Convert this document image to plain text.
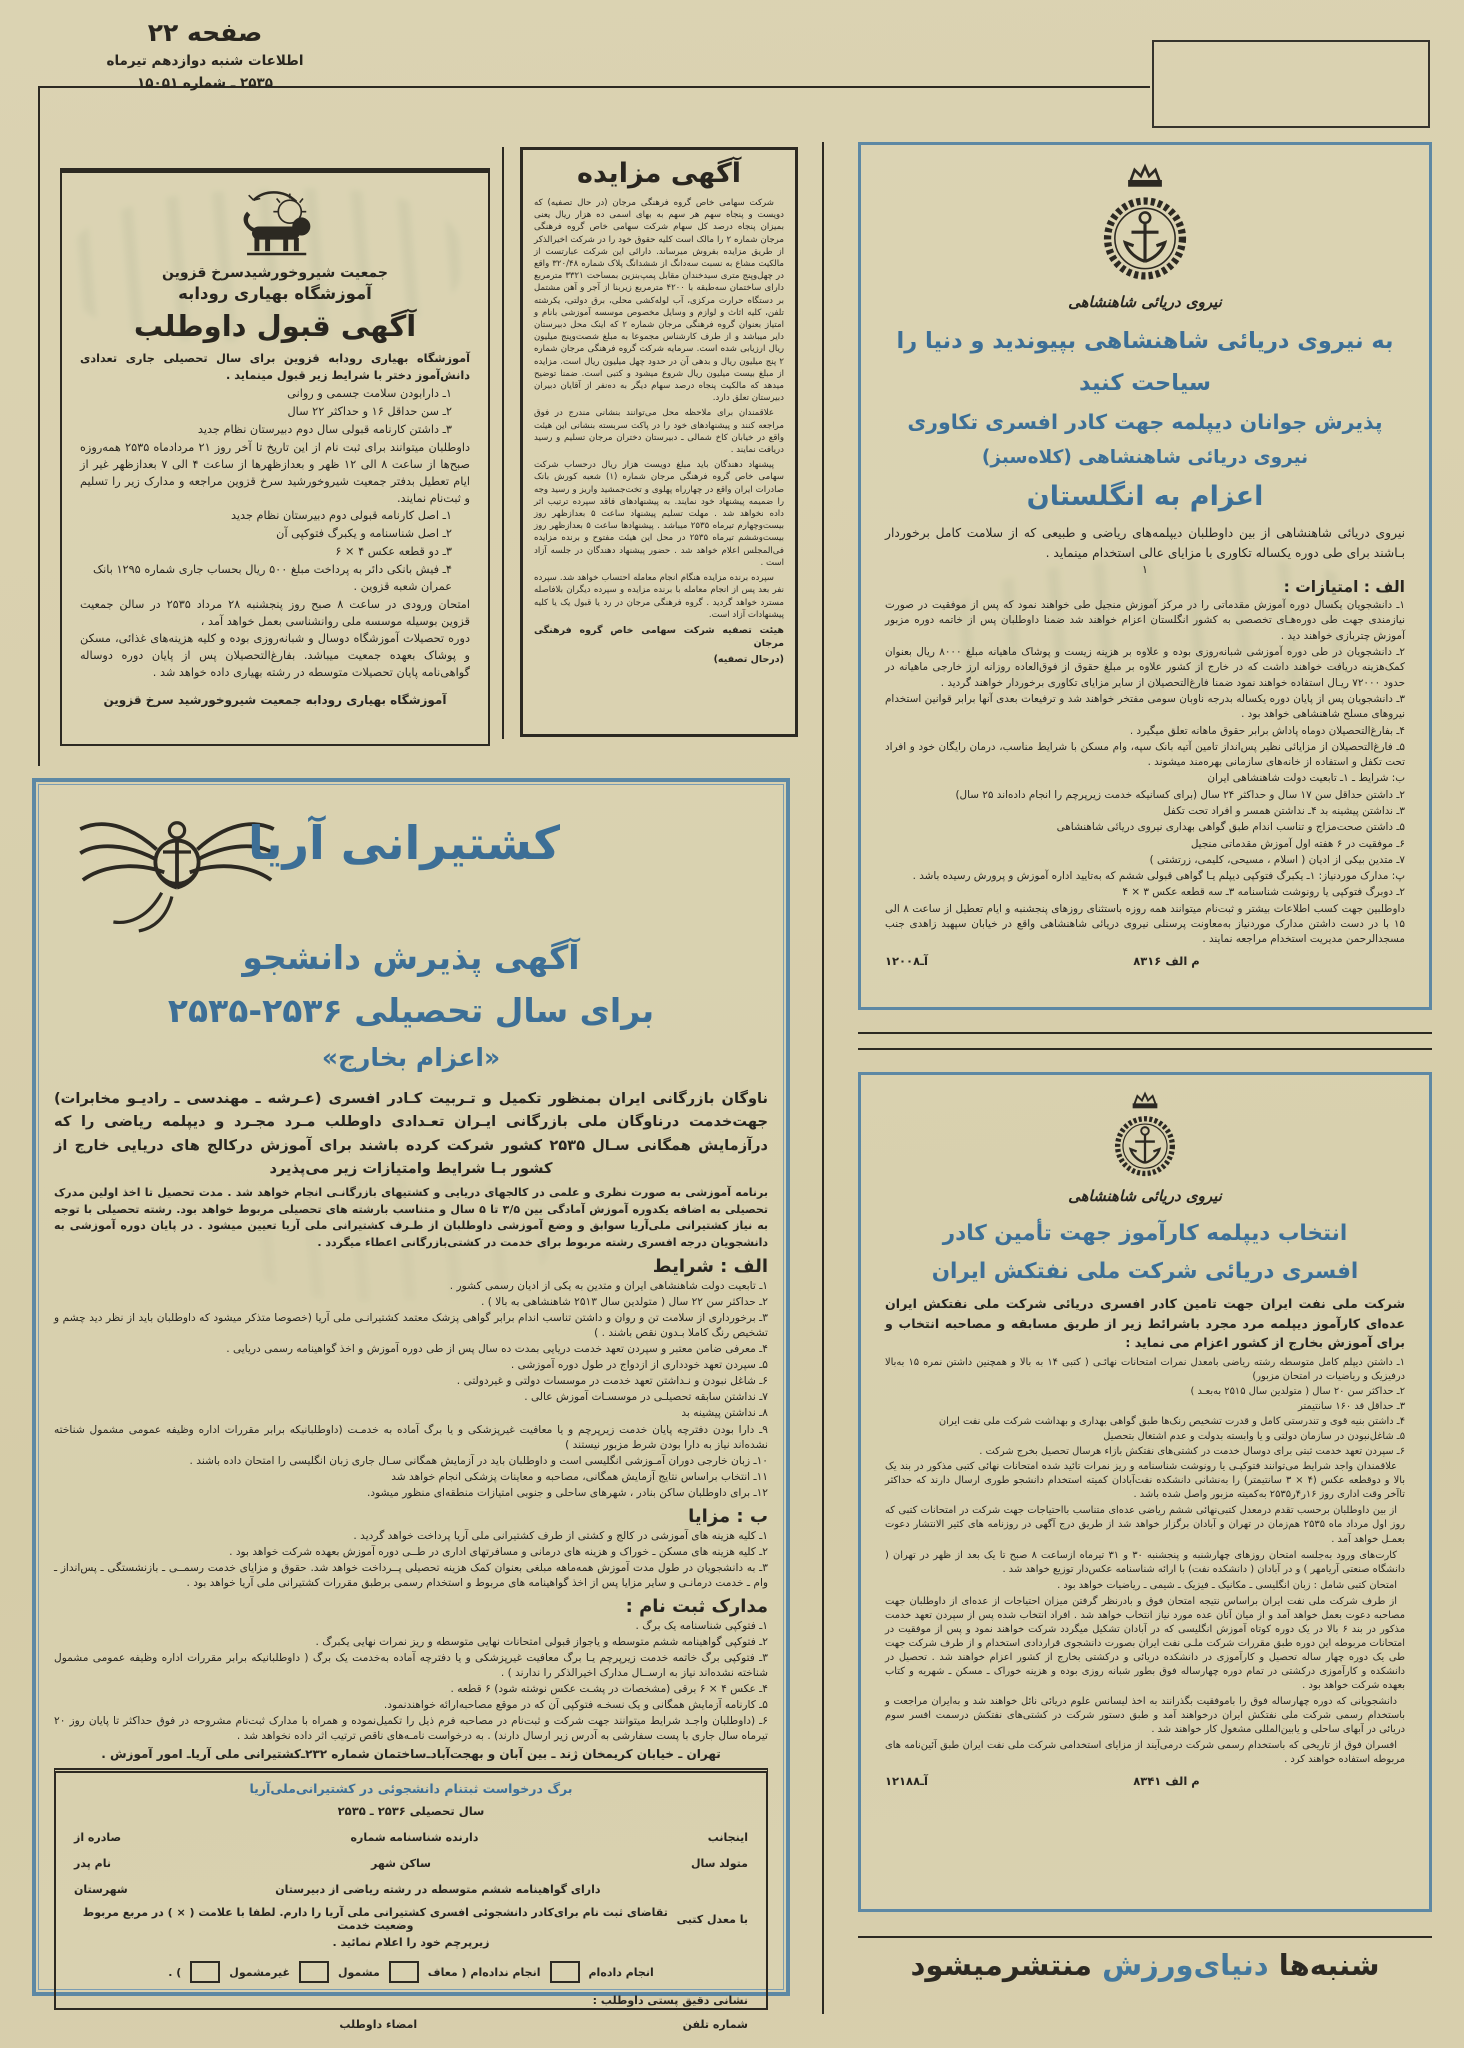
صفحه ۲۲
اطلاعات شنبه دوازدهم تیرماه
۲۵۳۵ ـ شماره ۱۵۰۵۱
جمعیت شیروخورشیدسرخ قزوین
آموزشگاه بهیاری رودابه
آگهی قبول داوطلب
آموزشگاه بهیاری رودابه قزوین برای سال تحصیلی جاری تعدادی دانش‌آموز دختر با شرایط زیر قبول مینماید .
۱ـ دارابودن سلامت جسمی و روانی
۲ـ سن حداقل ۱۶ و حداکثر ۲۲ سال
۳ـ داشتن کارنامه قبولی سال دوم دبیرستان نظام جدید
داوطلبان میتوانند برای ثبت نام از این تاریخ تا آخر روز ۲۱ مردادماه ۲۵۳۵ همه‌روزه صبح‌ها از ساعت ۸ الی ۱۲ ظهر و بعدازظهرها از ساعت ۴ الی ۷ بعدازظهر غیر از ایام تعطیل بدفتر جمعیت شیروخورشید سرخ قزوین مراجعه و مدارک زیر را تسلیم و ثبت‌نام نمایند.
۱ـ اصل کارنامه قبولی دوم دبیرستان نظام جدید
۲ـ اصل شناسنامه و یکبرگ فتوکپی آن
۳ـ دو قطعه عکس ۴ × ۶
۴ـ فیش بانکی دائر به پرداخت مبلغ ۵۰۰ ریال بحساب جاری شماره ۱۲۹۵ بانک عمران شعبه قزوین .
امتحان ورودی در ساعت ۸ صبح روز پنجشنبه ۲۸ مرداد ۲۵۳۵ در سالن جمعیت قزوین بوسیله موسسه ملی روانشناسی بعمل خواهد آمد ،
دوره تحصیلات آموزشگاه دوسال و شبانه‌روزی بوده و کلیه هزینه‌های غذائی، مسکن و پوشاک بعهده جمعیت میباشد. بفارغ‌التحصیلان پس از پایان دوره دوساله گواهی‌نامه پایان تحصیلات متوسطه در رشته بهیاری داده خواهد شد .
آموزشگاه بهیاری رودابه جمعیت شیروخورشید سرخ قزوین
آگهی مزایده
شرکت سهامی خاص گروه فرهنگی مرجان (در حال تصفیه) که دویست و پنجاه سهم هر سهم به بهای اسمی ده هزار ریال یعنی بمیزان پنجاه درصد کل سهام شرکت سهامی خاص گروه فرهنگی مرجان شماره ۲ را مالک است کلیه حقوق خود را در شرکت اخیرالذکر از طریق مزایده بفروش میرساند. دارائی این شرکت عبارتست از مالکیت مشاع به نسبت سه‌دانگ از ششدانگ پلاک شماره ۳۲۰/۴۸ واقع در چهل‌وپنج متری سیدخندان مقابل پمپ‌بنزین بمساحت ۳۳۲۱ مترمربع دارای ساختمان سه‌طبقه با ۴۲۰۰ مترمربع زیربنا از آجر و آهن مشتمل بر دستگاه حرارت مرکزی، آب لوله‌کشی محلی، برق دولتی، یکرشته تلفن، کلیه اثاث و لوازم و وسایل مخصوص موسسه آموزشی بانام و امتیاز بعنوان گروه فرهنگی مرجان شماره ۲ که اینک محل دبیرستان دایر میباشد و از طرف کارشناس مجموعا به مبلغ شصت‌وپنج میلیون ریال ارزیابی شده است. سرمایه شرکت گروه فرهنگی مرجان شماره ۲ پنج میلیون ریال و بدهی آن در حدود چهل میلیون ریال است. مزایده از مبلغ بیست میلیون ریال شروع میشود و کتبی است. ضمنا توضیح میدهد که مالکیت پنجاه درصد سهام دیگر به ده‌نفر از آقایان دبیران دبیرستان تعلق دارد.
علاقمندان برای ملاحظه محل می‌توانند بنشانی مندرج در فوق مراجعه کنند و پیشنهادهای خود را در پاکت سربسته بنشانی این هیئت واقع در خیابان کاخ شمالی ـ دبیرستان دختران مرجان تسلیم و رسید دریافت نمایند .
پیشنهاد دهندگان باید مبلغ دویست هزار ریال درحساب شرکت سهامی خاص گروه فرهنگی مرجان شماره (۱) شعبه کورش بانک صادرات ایران واقع در چهارراه پهلوی و تخت‌جمشید واریز و رسید وجه را ضمیمه پیشنهاد خود نمایند. به پیشنهادهای فاقد سپرده ترتیب اثر داده نخواهد شد . مهلت تسلیم پیشنهاد ساعت ۵ بعدازظهر روز بیست‌وچهارم تیرماه ۲۵۳۵ میباشد . پیشنهادها ساعت ۵ بعدازظهر روز بیست‌وششم تیرماه ۲۵۳۵ در محل این هیئت مفتوح و برنده مزایده فی‌المجلس اعلام خواهد شد . حضور پیشنهاد دهندگان در جلسه آزاد است .
سپرده برنده مزایده هنگام انجام معامله احتساب خواهد شد. سپرده نفر بعد پس از انجام معامله با برنده مزایده و سپرده دیگران بلافاصله مسترد خواهد گردید . گروه فرهنگی مرجان در رد یا قبول یک یا کلیه پیشنهادات آزاد است.
هیئت تصفیه شرکت سهامی خاص گروه فرهنگی مرجان
(درحال تصفیه)
نیروی دریائی شاهنشاهی
به نیروی دریائی شاهنشاهی بپیوندید و دنیا را سیاحت کنید
پذیرش جوانان دیپلمه جهت کادر افسری تکاوری
نیروی دریائی شاهنشاهی (کلاه‌سبز)
اعزام به انگلستان
نیروی دریائی شاهنشاهی از بین داوطلبان دیپلمه‌های ریاضی و طبیعی که از سلامت کامل برخوردار بـاشند برای طی دوره یکساله تکاوری با مزایای عالی استخدام مینماید .
۱
الف : امتیازات :
۱ـ دانشجویان یکسال دوره آموزش مقدماتی را در مرکز آموزش منجیل طی خواهند نمود که پس از موفقیت در صورت نیازمندی جهت طی دوره‌هـای تخصصی به کشور انگلستان اعزام خواهند شد ضمنا داوطلبان پس از خاتمه دوره مزبور آموزش چتربازی خواهند دید .
۲ـ دانشجویان در طی دوره آموزشی شبانه‌روزی بوده و علاوه بر هزینه زیست و پوشاک ماهیانه مبلغ ۸۰۰۰ ریال بعنوان کمک‌هزینه دریافت خواهند داشت که در خارج از کشور علاوه بر مبلغ حقوق از فوق‌العاده روزانه ارز خارجی ماهیانه در حدود ۷۲۰۰۰ ریـال استفاده خواهند نمود ضمنا فارغ‌التحصیلان از سایر مزایای تکاوری برخوردار خواهند گردید .
۳ـ دانشجویان پس از پایان دوره یکساله بدرجه ناوبان سومی مفتخر خواهند شد و ترفیعات بعدی آنها برابر قوانین استخدام نیروهای مسلح شاهنشاهی خواهد بود .
۴ـ بفارغ‌التحصیلان دوماه پاداش برابر حقوق ماهانه تعلق میگیرد .
۵ـ فارغ‌التحصیلان از مزایائی نظیر پس‌انداز تامین آتیه بانک سپه، وام مسکن با شرایط مناسب، درمان رایگان خود و افراد تحت تکفل و استفاده از خانه‌های سازمانی بهره‌مند میشوند .
ب: شرایط ـ ۱ـ تابعیت دولت شاهنشاهی ایران
۲ـ داشتن حداقل سن ۱۷ سال و حداکثر ۲۴ سال (برای کسانیکه خدمت زیرپرچم را انجام داده‌اند ۲۵ سال)
۳ـ نداشتن پیشینه بد ۴ـ نداشتن همسر و افراد تحت تکفل
۵ـ داشتن صحت‌مزاج و تناسب اندام طبق گواهی بهداری نیروی دریائی شاهنشاهی
۶ـ موفقیت در ۶ هفته اول آموزش مقدماتی منجیل
۷ـ متدین بیکی از ادیان ( اسلام ، مسیحی، کلیمی، زرتشتی )
پ: مدارک موردنیاز: ۱ـ یکبرگ فتوکپی دیپلم یـا گواهی قبولی ششم که به‌تایید اداره آموزش و پرورش رسیده باشد .
۲ـ دوبرگ فتوکپی یا رونوشت شناسنامه ۳ـ سه قطعه عکس ۳ × ۴
داوطلبین جهت کسب اطلاعات بیشتر و ثبت‌نام میتوانند همه روزه باستثنای روزهای پنجشنبه و ایام تعطیل از ساعت ۸ الی ۱۵ با در دست داشتن مدارک موردنیاز به‌معاونت پرسنلی نیروی دریائی شاهنشاهی واقع در خیابان سپهبد زاهدی جنب مسجدالرحمن مدیریت استخدام مراجعه نمایند .
م الف ۸۳۱۶
آـ۱۲۰۰۸
نیروی دریائی شاهنشاهی
انتخاب دیپلمه کارآموز جهت تأمین کادر
افسری دریائی شرکت ملی نفتکش ایران
شرکت ملی نفت ایران جهت تامین کادر افسری دریائی شرکت ملی نفتکش ایران عده‌ای کارآموز دیپلمه مرد مجرد باشرائط زیر از طریق مسابقه و مصاحبه انتخاب و برای آموزش بخارج از کشور اعزام می نماید :
۱ـ داشتن دیپلم کامل متوسطه رشته ریاضی بامعدل نمرات امتحانات نهائـی ( کتبی ۱۴ به بالا و همچنین داشتن نمره ۱۵ به‌بالا درفیزیک و ریاضیات در امتحان مزبور)
۲ـ حداکثر سن ۲۰ سال ( متولدین سال ۲۵۱۵ به‌بعـد )
۳ـ حداقل قد ۱۶۰ سانتیمتر
۴ـ داشتن بنیه قوی و تندرستی کامل و قدرت تشخیص رنک‌ها طبق گواهی بهداری و بهداشت شرکت ملی نفت ایران
۵ـ شاغل‌نبودن در سازمان دولتی و یا وابسته بدولت و عدم اشتغال بتحصیل
۶ـ سپردن تعهد خدمت ثبتی برای دوسال خدمت در کشتی‌های نفتکش بازاء هرسال تحصیل بخرج شرکت .
علاقمندان واجد شرایط می‌توانند فتوکپـی یا رونوشت شناسنامه و ریز نمرات تائید شده امتحانات نهائی کتبی مذکور در بند یک بالا و دوقطعه عکس (۴ × ۳ سانتیمتر) را به‌نشانی دانشکده نفت‌آبادان کمیته استخدام دانشجو طوری ارسال دارند که حداکثر تاآخر وقت اداری روز ۱۶ر۴ر۲۵۳۵ به‌کمیته مزبور واصل شده باشد .
از بین داوطلبان برحسب تقدم درمعدل کتبی‌نهائی ششم ریاضی عده‌ای متناسب بااحتیاجات جهت شرکت در امتحانات کتبی که روز اول مرداد ماه ۲۵۳۵ هم‌زمان در تهران و آبادان برگزار خواهد شد از طریق درج آگهی در روزنامه های کثیر الانتشار دعوت بعمـل خواهد آمد .
کارت‌های ورود به‌جلسه امتحان روزهای چهارشنبه و پنجشنبه ۳۰ و ۳۱ تیرماه ازساعت ۸ صبح تا یک بعد از ظهر در تهران ( دانشگاه صنعتی آریامهر ) و در آبادان ( دانشکده نفت) با ارائه شناسنامه عکس‌دار توزیع خواهد شد .
امتحان کتبی شامل : زبان انگلیسی ـ مکانیک ـ فیزیک ـ شیمی ـ ریاضیات خواهد بود .
از طرف شرکت ملی نفت ایران براساس نتیجه امتحان فوق و بادرنظر گرفتن میزان احتیاجات از عده‌ای از داوطلبان جهت مصاحبه دعوت بعمل خواهد آمد و از میان آنان عده مورد نیاز انتخاب خواهد شد . افراد انتخاب شده پس از سپردن تعهد خدمت مذکور در بند ۶ بالا در یک دوره کوتاه آموزش انگلیسی که در آبادان تشکیل میگردد شرکت خواهند نمود و پس از موفقیت در امتحانات مربوطه این دوره طبق مقررات شرکت ملـی نفت ایران بصورت دانشجوی قراردادی استخدام و از طرف شرکت جهت طی یک دوره چهار ساله تحصیل و کارآموزی در دانشکده دریائی و درکشتی بخارج از کشور اعزام خواهند شد . تحصیل در دانشکده و کارآموزی درکشتی در تمام دوره چهارساله فوق بطور شبانه روزی بوده و هزینه خوراک ـ مسکن ـ شهریه و کتاب بعهده شرکت خواهد بود .
دانشجویانی که دوره چهارساله فوق را باموفقیت بگذرانند به اخذ لیسانس علوم دریائی نائل خواهند شد و به‌ایران مراجعت و باستخدام رسمی شرکت ملی نفتکش ایران درخواهند آمد و طبق دستور شرکت در کشتی‌های نفتکش درسمت افسر سوم دریائی در آبهای ساحلی و یابین‌المللی مشغول کار خواهند شد .
افسران فوق از تاریخی که باستخدام رسمی شرکت درمی‌آیند از مزایای استخدامی شرکت ملی نفت ایران طبق آئین‌نامه های مربوطه استفاده خواهند کرد .
م الف ۸۳۴۱
آـ۱۲۱۸۸
کشتیرانی آریا
آگهی پذیرش دانشجو
برای سال تحصیلی ۲۵۳۶-۲۵۳۵
«اعزام بخارج»
ناوگان بازرگانی ایران بمنظور تکمیل و تـربیت کـادر افسری (عـرشه ـ مهندسی ـ رادیـو مخابرات) جهت‌خدمت درناوگان ملی بازرگانی ایـران تعـدادی داوطلب مـرد مجـرد و دیپلمه ریاضی را که درآزمایش همگانی سـال ۲۵۳۵ کشور شرکت کرده باشند برای آموزش درکالج های دریایی خارج از کشور بـا شرایط وامتیازات زیر می‌پذیرد
برنامه آموزشی به صورت نظری و علمی در کالجهای دریایی و کشتیهای بازرگانـی انجام خواهد شد . مدت تحصیل تا اخذ اولین مدرک تحصیلی به اضافه یکدوره آموزش آمادگی بین ۳/۵ تا ۵ سال و متناسب بارشته های تحصیلی مربوط خواهد بود. رشته تحصیلی با توجه به نیاز کشتیرانی ملی‌آریا سوابق و وضع آموزشی داوطلبان از طـرف کشتیرانی ملی آریا تعیین میشود . در پایان دوره آموزشی به دانشجویان درجه افسری رشته مربوط برای خدمت در کشتی‌بازرگانی اعطاء میگردد .
الف : شرایط
۱ـ تابعیت دولت شاهنشاهی ایران و متدین به یکی از ادیان رسمی کشور .
۲ـ حداکثر سن ۲۲ سال ( متولدین سال ۲۵۱۳ شاهنشاهی به بالا ) .
۳ـ برخورداری از سلامت تن و روان و داشتن تناسب اندام برابر گواهی پزشک معتمد کشتیرانـی ملی آریا (خصوصا متذکر میشود که داوطلبان باید از نظر دید چشم و تشخیص رنگ کاملا بـدون نقص باشند . )
۴ـ معرفی ضامن معتبر و سپردن تعهد خدمت دریایی بمدت ده سال پس از طی دوره آموزش و اخذ گواهینامه رسمی دریایی .
۵ـ سپردن تعهد خودداری از ازدواج در طول دوره آموزشی .
۶ـ شاغل نبودن و نـداشتن تعهد خدمت در موسسات دولتی و غیردولتی .
۷ـ نداشتن سابقه تحصیلـی در موسسـات آموزش عالی .
۸ـ نداشتن پیشینه بد
۹ـ دارا بودن دفترچه پایان خدمت زیرپرچم و یا معافیت غیرپزشکی و یا برگ آماده به خدمـت (داوطلبانیکه برابر مقررات اداره وظیفه عمومی مشمول شناخته نشده‌اند نیاز به دارا بودن شرط مزبور نیستند )
۱۰ـ زبان خارجی دوران آمـوزشی انگلیسی است و داوطلبان باید در آزمایش همگانی سـال جاری زبان انگلیسی را امتحان داده باشند .
۱۱ـ انتخاب براساس نتایج آزمایش همگانی، مصاحبه و معاینات پزشکی انجام خواهد شد
۱۲ـ برای داوطلبان ساکن بنادر ، شهرهای ساحلی و جنوبی امتیازات منطقه‌ای منظور میشود.
ب : مزایا
۱ـ کلیه هزینه های آموزشی در کالج و کشتی از طرف کشتیرانی ملی آریا پرداخت خواهد گردید .
۲ـ کلیه هزینه های مسکن ـ خوراک و هزینه های درمانی و مسافرتهای اداری در طــی دوره آموزش بعهده شرکت خواهد بود .
۳ـ به دانشجویان در طول مدت آموزش همه‌ماهه مبلغی بعنوان کمک هزینه تحصیلی پــرداخت خواهد شد. حقوق و مزایای خدمت رسمــی ـ بازنشستگی ـ پس‌انداز ـ وام ـ خدمت درمانـی و سایر مزایا پس از اخذ گواهینامه های مربوط و استخدام رسمی برطبق مقررات کشتیرانی ملی آریا خواهد بود .
مدارک ثبت نام :
۱ـ فتوکپی شناسنامه یک برگ .
۲ـ فتوکپی گواهینامه ششم متوسطه و یاجواز قبولی امتحانات نهایی متوسطه و ریز نمرات نهایی یکبرگ .
۳ـ فتوکپی برگ خاتمه خدمت زیرپرچم یـا برگ معافیت غیرپزشکی و یا دفترچه آماده به‌خدمت یک برگ ( داوطلبانیکه برابر مقررات اداره وظیفه عمومی مشمول شناخته نشده‌اند نیاز به ارســال مدارک اخیرالذکر را ندارند ) .
۴ـ عکس ۴ × ۶ برقی (مشخصات در پشـت عکس نوشته شود) ۶ قطعه .
۵ـ کارنامه آزمایش همگانی و یک نسخـه فتوکپی آن که در موقع مصاحبه‌ارائه خواهندنمود.
۶ـ (داوطلبان واجـد شرایط میتوانند جهت شرکت و ثبت‌نام در مصاحبه فرم ذیل را تکمیل‌نموده و همراه با مدارک ثبت‌نام مشروحه در فوق حداکثر تا پایان روز ۲۰ تیرماه سال جاری با پست سفارشی به آدرس زیر ارسال دارند) . به درخواست نامـه‌های ناقص ترتیب اثر داده نخواهد شد .
تهران ـ خیابان کریمخان ژند ـ بین آبان و بهجت‌آبادـ‌ساختمان شماره ۲۳۲ـ‌کشتیرانی ملی آریاـ امور آموزش .
برگ درخواست ثبتنام دانشجوئی در کشتیرانی‌ملی‌آریا
سال تحصیلی ۲۵۳۶ ـ ۲۵۳۵
اینجانب
دارنده شناسنامه شماره
صادره از
متولد سال
ساکن شهر
نام پدر
دارای گواهینامه ششم متوسطه در رشته ریاضی از دبیرستان
شهرستان
با معدل کتبی
تقاضای ثبت نام برای‌کادر دانشجوئی افسری کشتیرانی ملی آریا را دارم. لطفا با علامت ( × ) در مربع مربوط وضعیت خدمت
زیرپرچم خود را اعلام نمائید .
انجام داده‌ام
انجام نداده‌ام ( معاف
مشمول
غیرمشمول
) .
نشانی دقیق پستی داوطلب :
شماره تلفن
امضاء داوطلب
شنبه‌ها دنیای‌ورزش منتشرمیشود
